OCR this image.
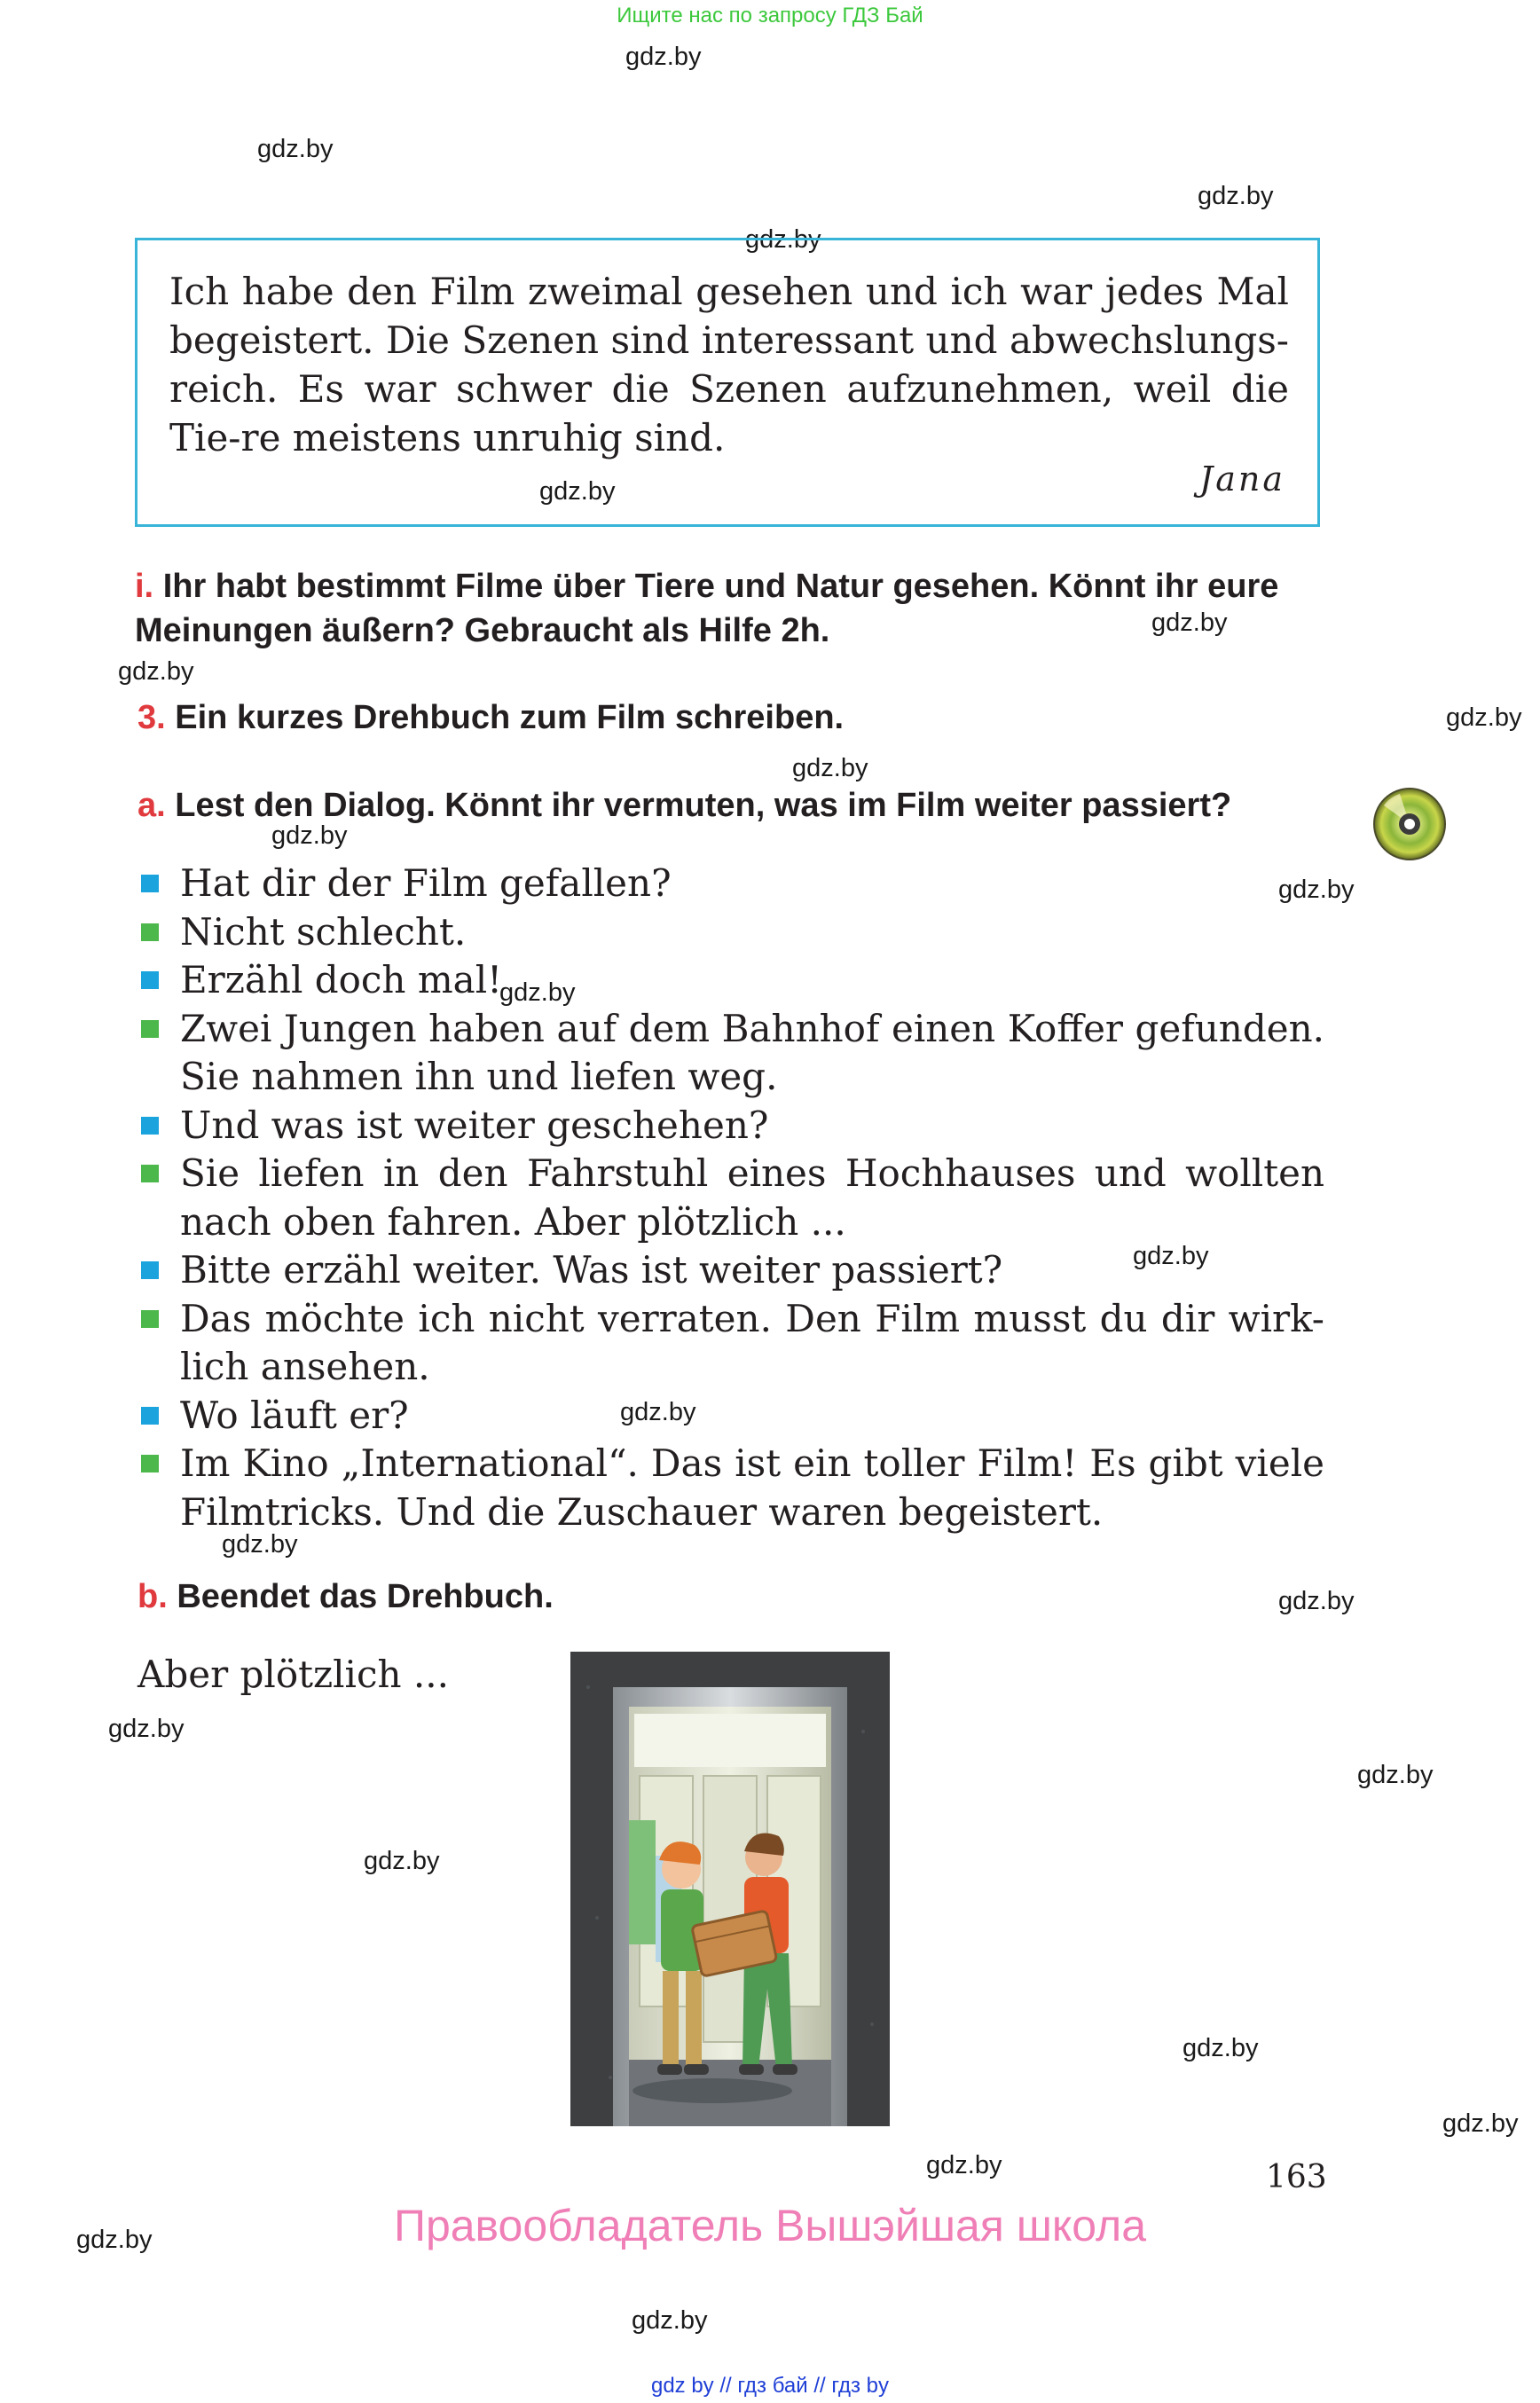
Ищите нас по запросу ГДЗ Бай
gdz.by
gdz.by
gdz.by
gdz.by
gdz.by
gdz.by
gdz.by
gdz.by
gdz.by
gdz.by
gdz.by
gdz.by
gdz.by
gdz.by
gdz.by
gdz.by
gdz.by
gdz.by
gdz.by
gdz.by
gdz.by
gdz.by
gdz.by
gdz.by

Ich habe den Film zweimal gesehen und ich war jedes Mal begeistert. Die Szenen sind interessant und abwechslungs-reich. Es war schwer die Szenen aufzunehmen, weil die Tie-re meistens unruhig sind.

Jana
i. Ihr habt bestimmt Filme über Tiere und Natur gesehen. Könnt ihr eure Meinungen äußern? Gebraucht als Hilfe 2h.
3. Ein kurzes Drehbuch zum Film schreiben.
a. Lest den Dialog. Könnt ihr vermuten, was im Film weiter passiert?
Hat dir der Film gefallen?
Nicht schlecht.
Erzähl doch mal!
Zwei Jungen haben auf dem Bahnhof einen Koffer gefunden. Sie nahmen ihn und liefen weg.
Und was ist weiter geschehen?
Sie liefen in den Fahrstuhl eines Hochhauses und wollten nach oben fahren. Aber plötzlich ...
Bitte erzähl weiter. Was ist weiter passiert?
Das möchte ich nicht verraten. Den Film musst du dir wirk-lich ansehen.
Wo läuft er?
Im Kino „International“. Das ist ein toller Film! Es gibt viele Filmtricks. Und die Zuschauer waren begeistert.
b. Beendet das Drehbuch.
Aber plötzlich ...
163
Правообладатель Вышэйшая школа
gdz by // гдз бай // гдз by
